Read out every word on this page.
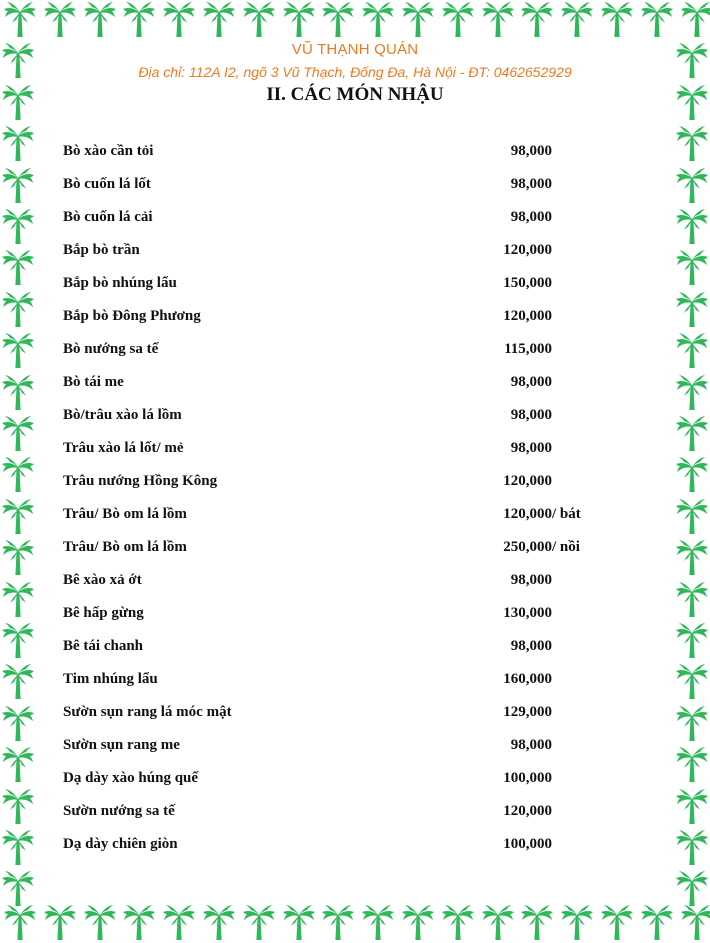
VŨ THẠNH QUÁN
Địa chỉ: 112A I2, ngõ 3 Vũ Thạch, Đống Đa, Hà Nội - ĐT: 0462652929
II. CÁC MÓN NHẬU
Bò xào cần tỏi	98,000
Bò cuốn lá lốt	98,000
Bò cuốn lá cải	98,000
Bắp bò trần	120,000
Bắp bò nhúng lẩu	150,000
Bắp bò Đông Phương	120,000
Bò nướng sa tế	115,000
Bò tái me	98,000
Bò/trâu xào lá lồm	98,000
Trâu xào lá lốt/ mẻ	98,000
Trâu nướng Hồng Kông	120,000
Trâu/ Bò om lá lồm	120,000 / bát
Trâu/ Bò om lá lồm	250,000 / nồi
Bê xào xả ớt	98,000
Bê hấp gừng	130,000
Bê tái chanh	98,000
Tim nhúng lẩu	160,000
Sườn sụn rang lá móc mật	129,000
Sườn sụn rang me	98,000
Dạ dày xào húng quế	100,000
Sườn nướng sa tế	120,000
Dạ dày chiên giòn	100,000
